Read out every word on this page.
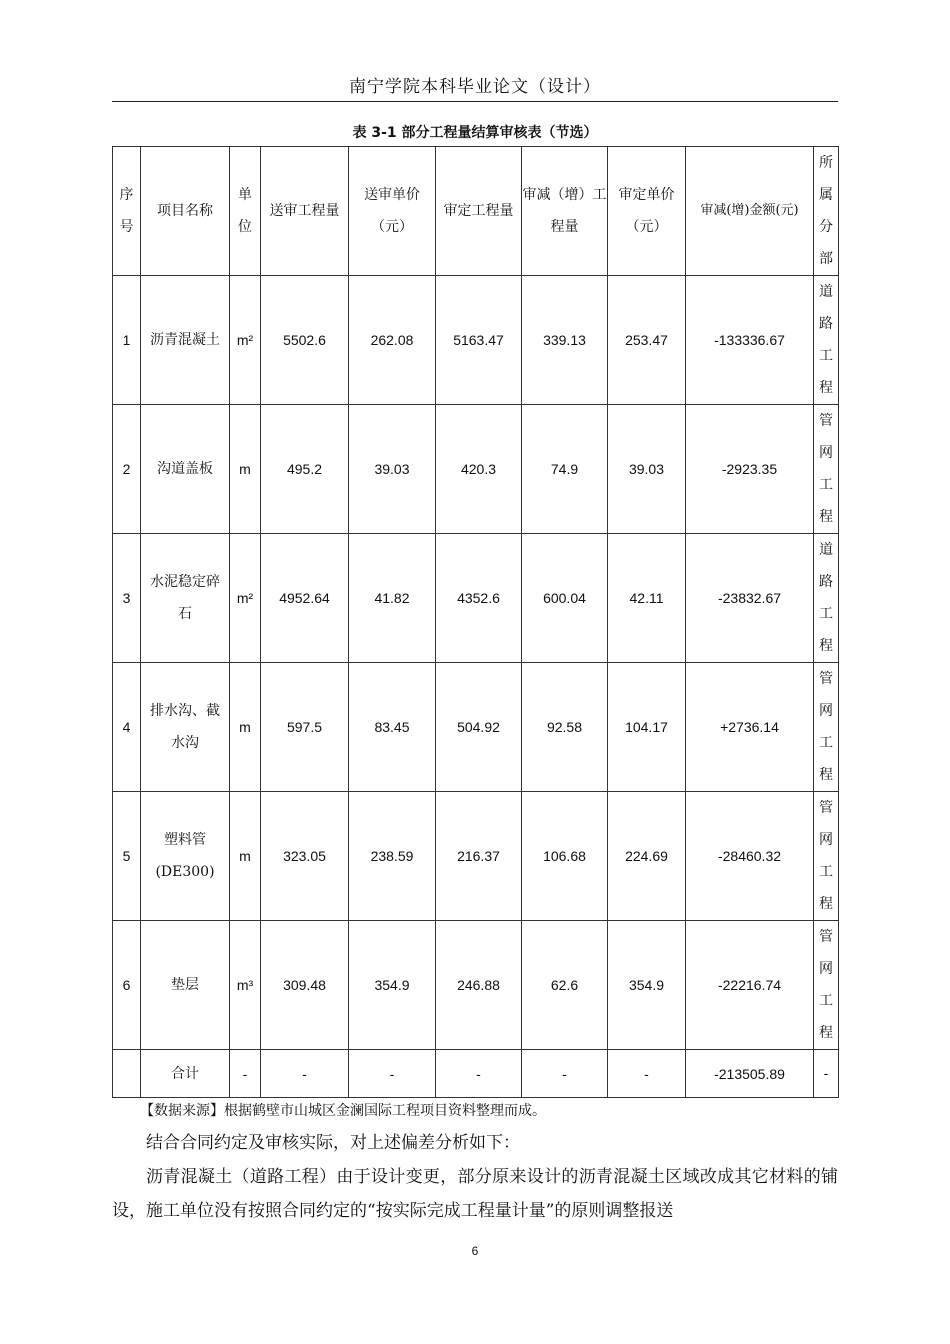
南宁学院本科毕业论文（设计）
表 3-1 部分工程量结算审核表（节选）
序号	项目名称	单位	送审工程量	送审单价（元）	审定工程量	审减（增）工程量	审定单价（元）	审减(增)金额(元)	所属分部
1	沥青混凝土	m²	5502.6	262.08	5163.47	339.13	253.47	-133336.67	道路工程
2	沟道盖板	m	495.2	39.03	420.3	74.9	39.03	-2923.35	管网工程
3	水泥稳定碎石	m²	4952.64	41.82	4352.6	600.04	42.11	-23832.67	道路工程
4	排水沟、截水沟	m	597.5	83.45	504.92	92.58	104.17	+2736.14	管网工程
5	塑料管(DE300)	m	323.05	238.59	216.37	106.68	224.69	-28460.32	管网工程
6	垫层	m³	309.48	354.9	246.88	62.6	354.9	-22216.74	管网工程
	合计	-	-	-	-	-	-	-213505.89	-
【数据来源】根据鹤壁市山城区金澜国际工程项目资料整理而成。
结合合同约定及审核实际，对上述偏差分析如下：
沥青混凝土（道路工程）由于设计变更，部分原来设计的沥青混凝土区域改成其它材料的铺设，施工单位没有按照合同约定的“按实际完成工程量计量”的原则调整报送
6
